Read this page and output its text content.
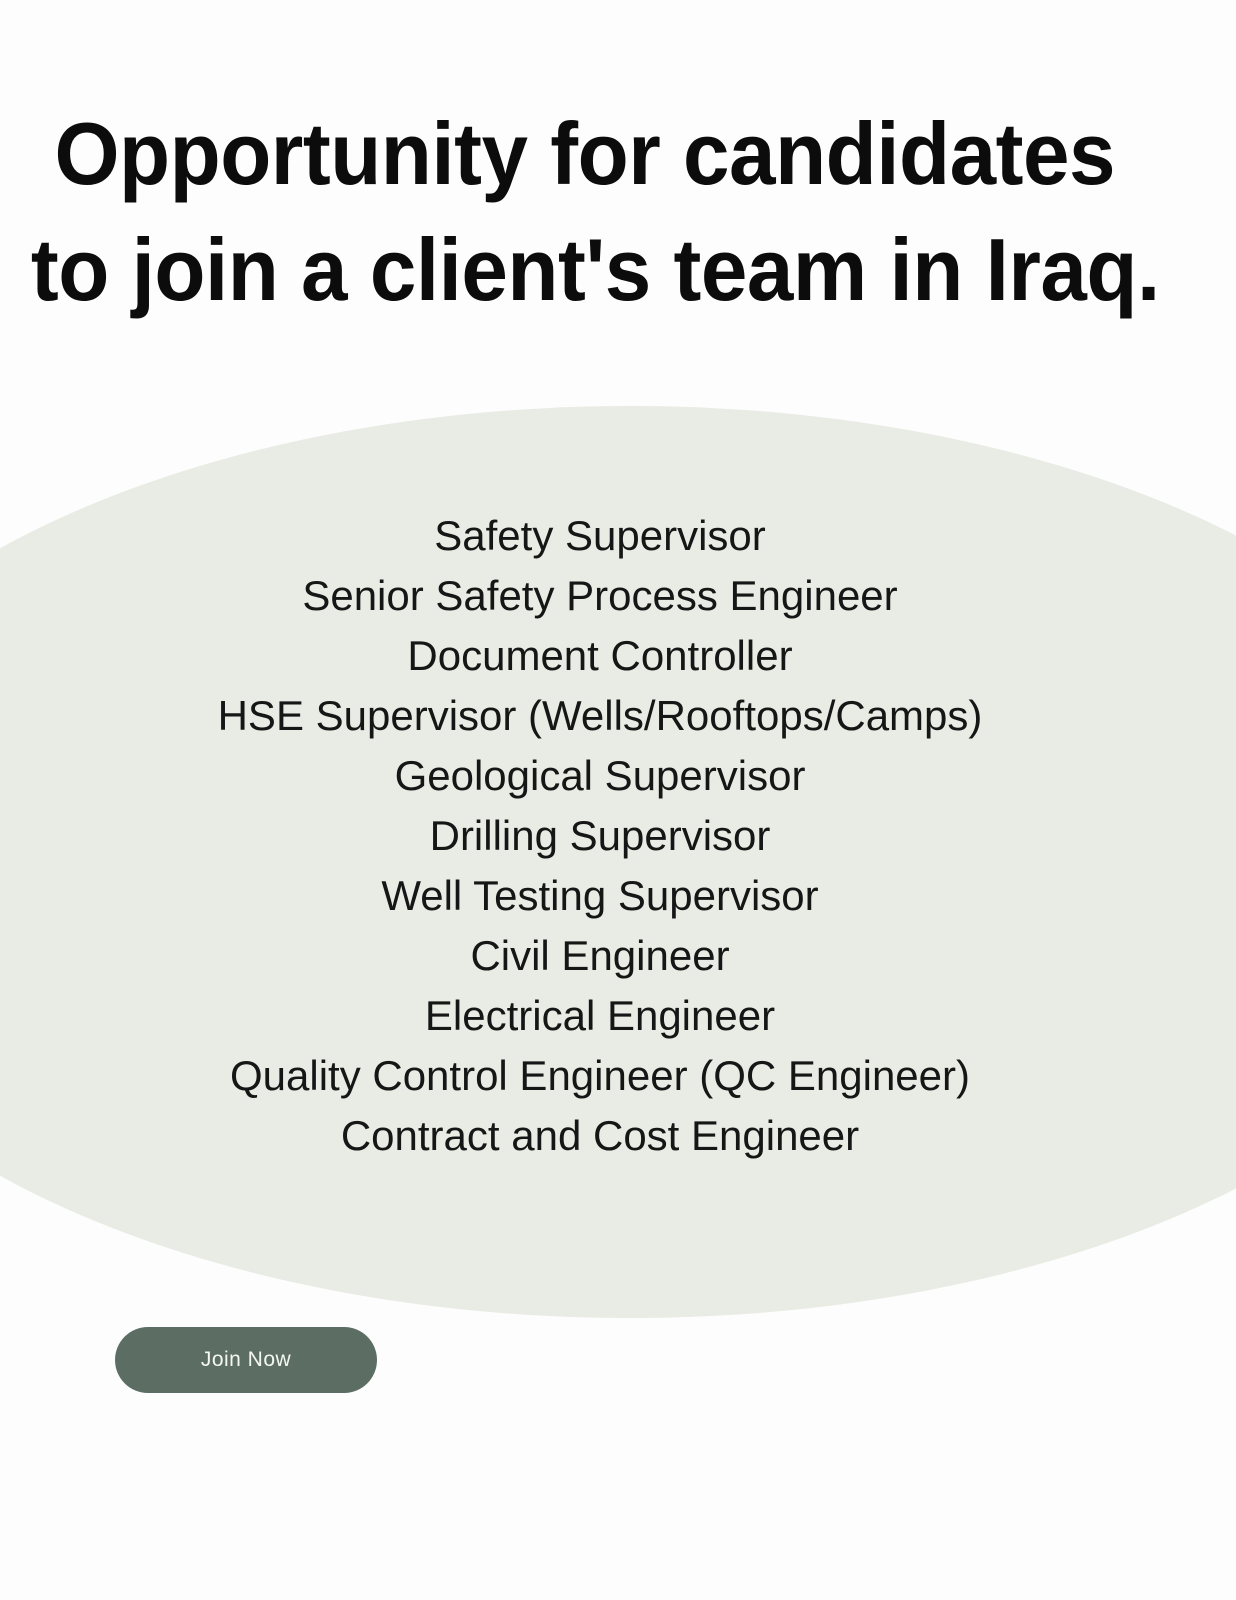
Opportunity for candidates
to join a client's team in Iraq.
Safety Supervisor
Senior Safety Process Engineer
Document Controller
HSE Supervisor (Wells/Rooftops/Camps)
Geological Supervisor
Drilling Supervisor
Well Testing Supervisor
Civil Engineer
Electrical Engineer
Quality Control Engineer (QC Engineer)
Contract and Cost Engineer
Join Now
